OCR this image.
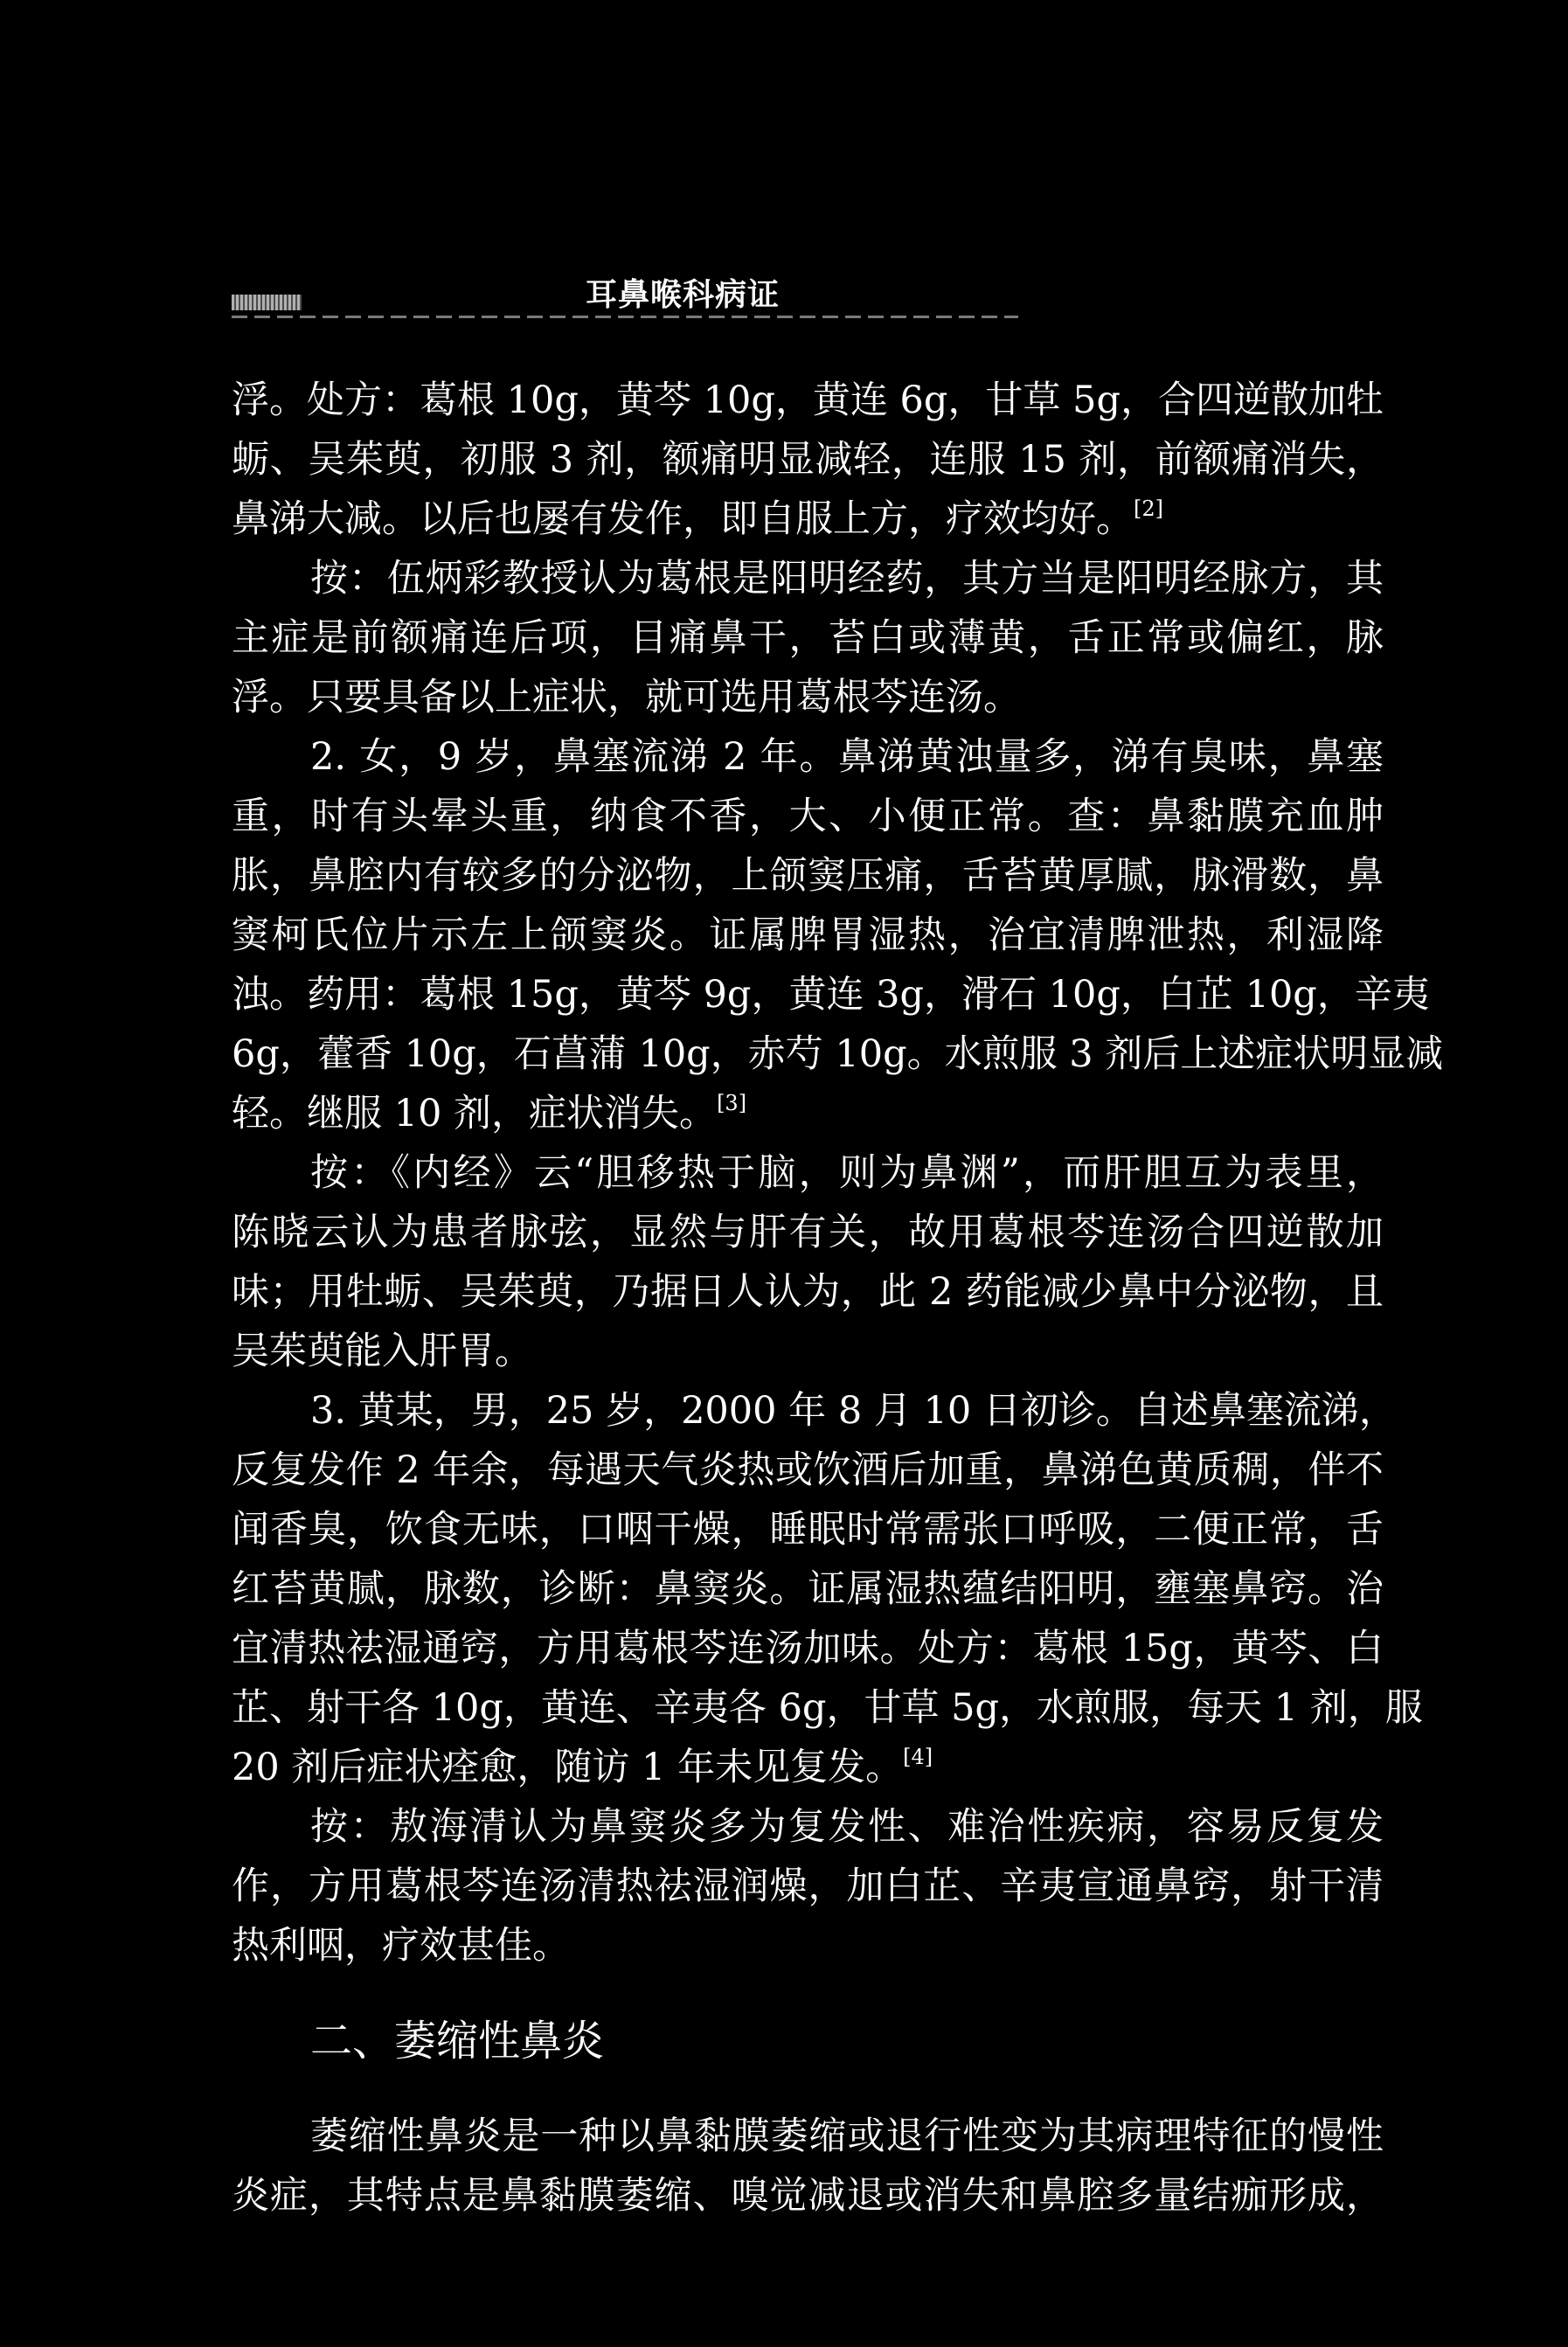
耳鼻喉科病证
浮。处方：葛根 10g，黄芩 10g，黄连 6g，甘草 5g，合四逆散加牡
蛎、吴茱萸，初服 3 剂，额痛明显减轻，连服 15 剂，前额痛消失，
鼻涕大减。以后也屡有发作，即自服上方，疗效均好。[2]
按：伍炳彩教授认为葛根是阳明经药，其方当是阳明经脉方，其
主症是前额痛连后项，目痛鼻干，苔白或薄黄，舌正常或偏红，脉
浮。只要具备以上症状，就可选用葛根芩连汤。
2. 女，9 岁，鼻塞流涕 2 年。鼻涕黄浊量多，涕有臭味，鼻塞
重，时有头晕头重，纳食不香，大、小便正常。查：鼻黏膜充血肿
胀，鼻腔内有较多的分泌物，上颌窦压痛，舌苔黄厚腻，脉滑数，鼻
窦柯氏位片示左上颌窦炎。证属脾胃湿热，治宜清脾泄热，利湿降
浊。药用：葛根 15g，黄芩 9g，黄连 3g，滑石 10g，白芷 10g，辛夷
6g，藿香 10g，石菖蒲 10g，赤芍 10g。水煎服 3 剂后上述症状明显减
轻。继服 10 剂，症状消失。[3]
按：《内经》云“胆移热于脑，则为鼻渊”，而肝胆互为表里，
陈晓云认为患者脉弦，显然与肝有关，故用葛根芩连汤合四逆散加
味；用牡蛎、吴茱萸，乃据日人认为，此 2 药能减少鼻中分泌物，且
吴茱萸能入肝胃。
3. 黄某，男，25 岁，2000 年 8 月 10 日初诊。自述鼻塞流涕，
反复发作 2 年余，每遇天气炎热或饮酒后加重，鼻涕色黄质稠，伴不
闻香臭，饮食无味，口咽干燥，睡眠时常需张口呼吸，二便正常，舌
红苔黄腻，脉数，诊断：鼻窦炎。证属湿热蕴结阳明，壅塞鼻窍。治
宜清热祛湿通窍，方用葛根芩连汤加味。处方：葛根 15g，黄芩、白
芷、射干各 10g，黄连、辛夷各 6g，甘草 5g，水煎服，每天 1 剂，服
20 剂后症状痊愈，随访 1 年未见复发。[4]
按：敖海清认为鼻窦炎多为复发性、难治性疾病，容易反复发
作，方用葛根芩连汤清热祛湿润燥，加白芷、辛夷宣通鼻窍，射干清
热利咽，疗效甚佳。
二、萎缩性鼻炎
萎缩性鼻炎是一种以鼻黏膜萎缩或退行性变为其病理特征的慢性
炎症，其特点是鼻黏膜萎缩、嗅觉减退或消失和鼻腔多量结痂形成，
